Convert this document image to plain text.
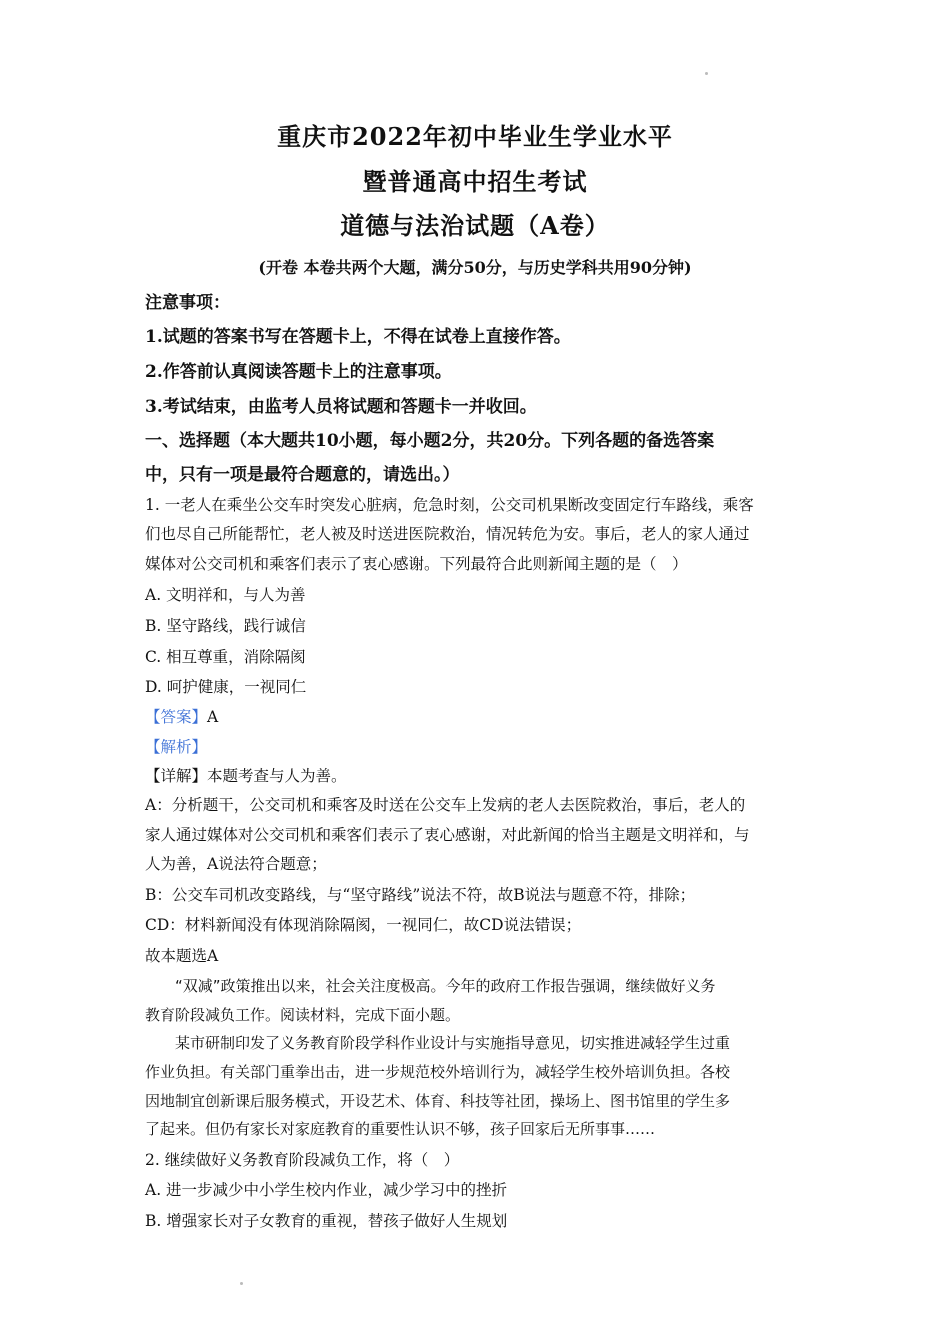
重庆市2022年初中毕业生学业水平
暨普通高中招生考试
道德与法治试题（A卷）
(开卷 本卷共两个大题，满分50分，与历史学科共用90分钟)
注意事项：
1.试题的答案书写在答题卡上，不得在试卷上直接作答。
2.作答前认真阅读答题卡上的注意事项。
3.考试结束，由监考人员将试题和答题卡一并收回。
一、选择题（本大题共10小题，每小题2分，共20分。下列各题的备选答案
中，只有一项是最符合题意的，请选出。）
1. 一老人在乘坐公交车时突发心脏病，危急时刻，公交司机果断改变固定行车路线，乘客
们也尽自己所能帮忙，老人被及时送进医院救治，情况转危为安。事后，老人的家人通过
媒体对公交司机和乘客们表示了衷心感谢。下列最符合此则新闻主题的是（　）
A. 文明祥和，与人为善
B. 坚守路线，践行诚信
C. 相互尊重，消除隔阂
D. 呵护健康，一视同仁
【答案】A
【解析】
【详解】本题考查与人为善。
A：分析题干，公交司机和乘客及时送在公交车上发病的老人去医院救治，事后，老人的
家人通过媒体对公交司机和乘客们表示了衷心感谢，对此新闻的恰当主题是文明祥和，与
人为善，A说法符合题意；
B：公交车司机改变路线，与“坚守路线”说法不符，故B说法与题意不符，排除；
CD：材料新闻没有体现消除隔阂，一视同仁，故CD说法错误；
故本题选A
“双减”政策推出以来，社会关注度极高。今年的政府工作报告强调，继续做好义务
教育阶段减负工作。阅读材料，完成下面小题。
某市研制印发了义务教育阶段学科作业设计与实施指导意见，切实推进减轻学生过重
作业负担。有关部门重拳出击，进一步规范校外培训行为，减轻学生校外培训负担。各校
因地制宜创新课后服务模式，开设艺术、体育、科技等社团，操场上、图书馆里的学生多
了起来。但仍有家长对家庭教育的重要性认识不够，孩子回家后无所事事……
2. 继续做好义务教育阶段减负工作，将（　）
A. 进一步减少中小学生校内作业，减少学习中的挫折
B. 增强家长对子女教育的重视，替孩子做好人生规划
